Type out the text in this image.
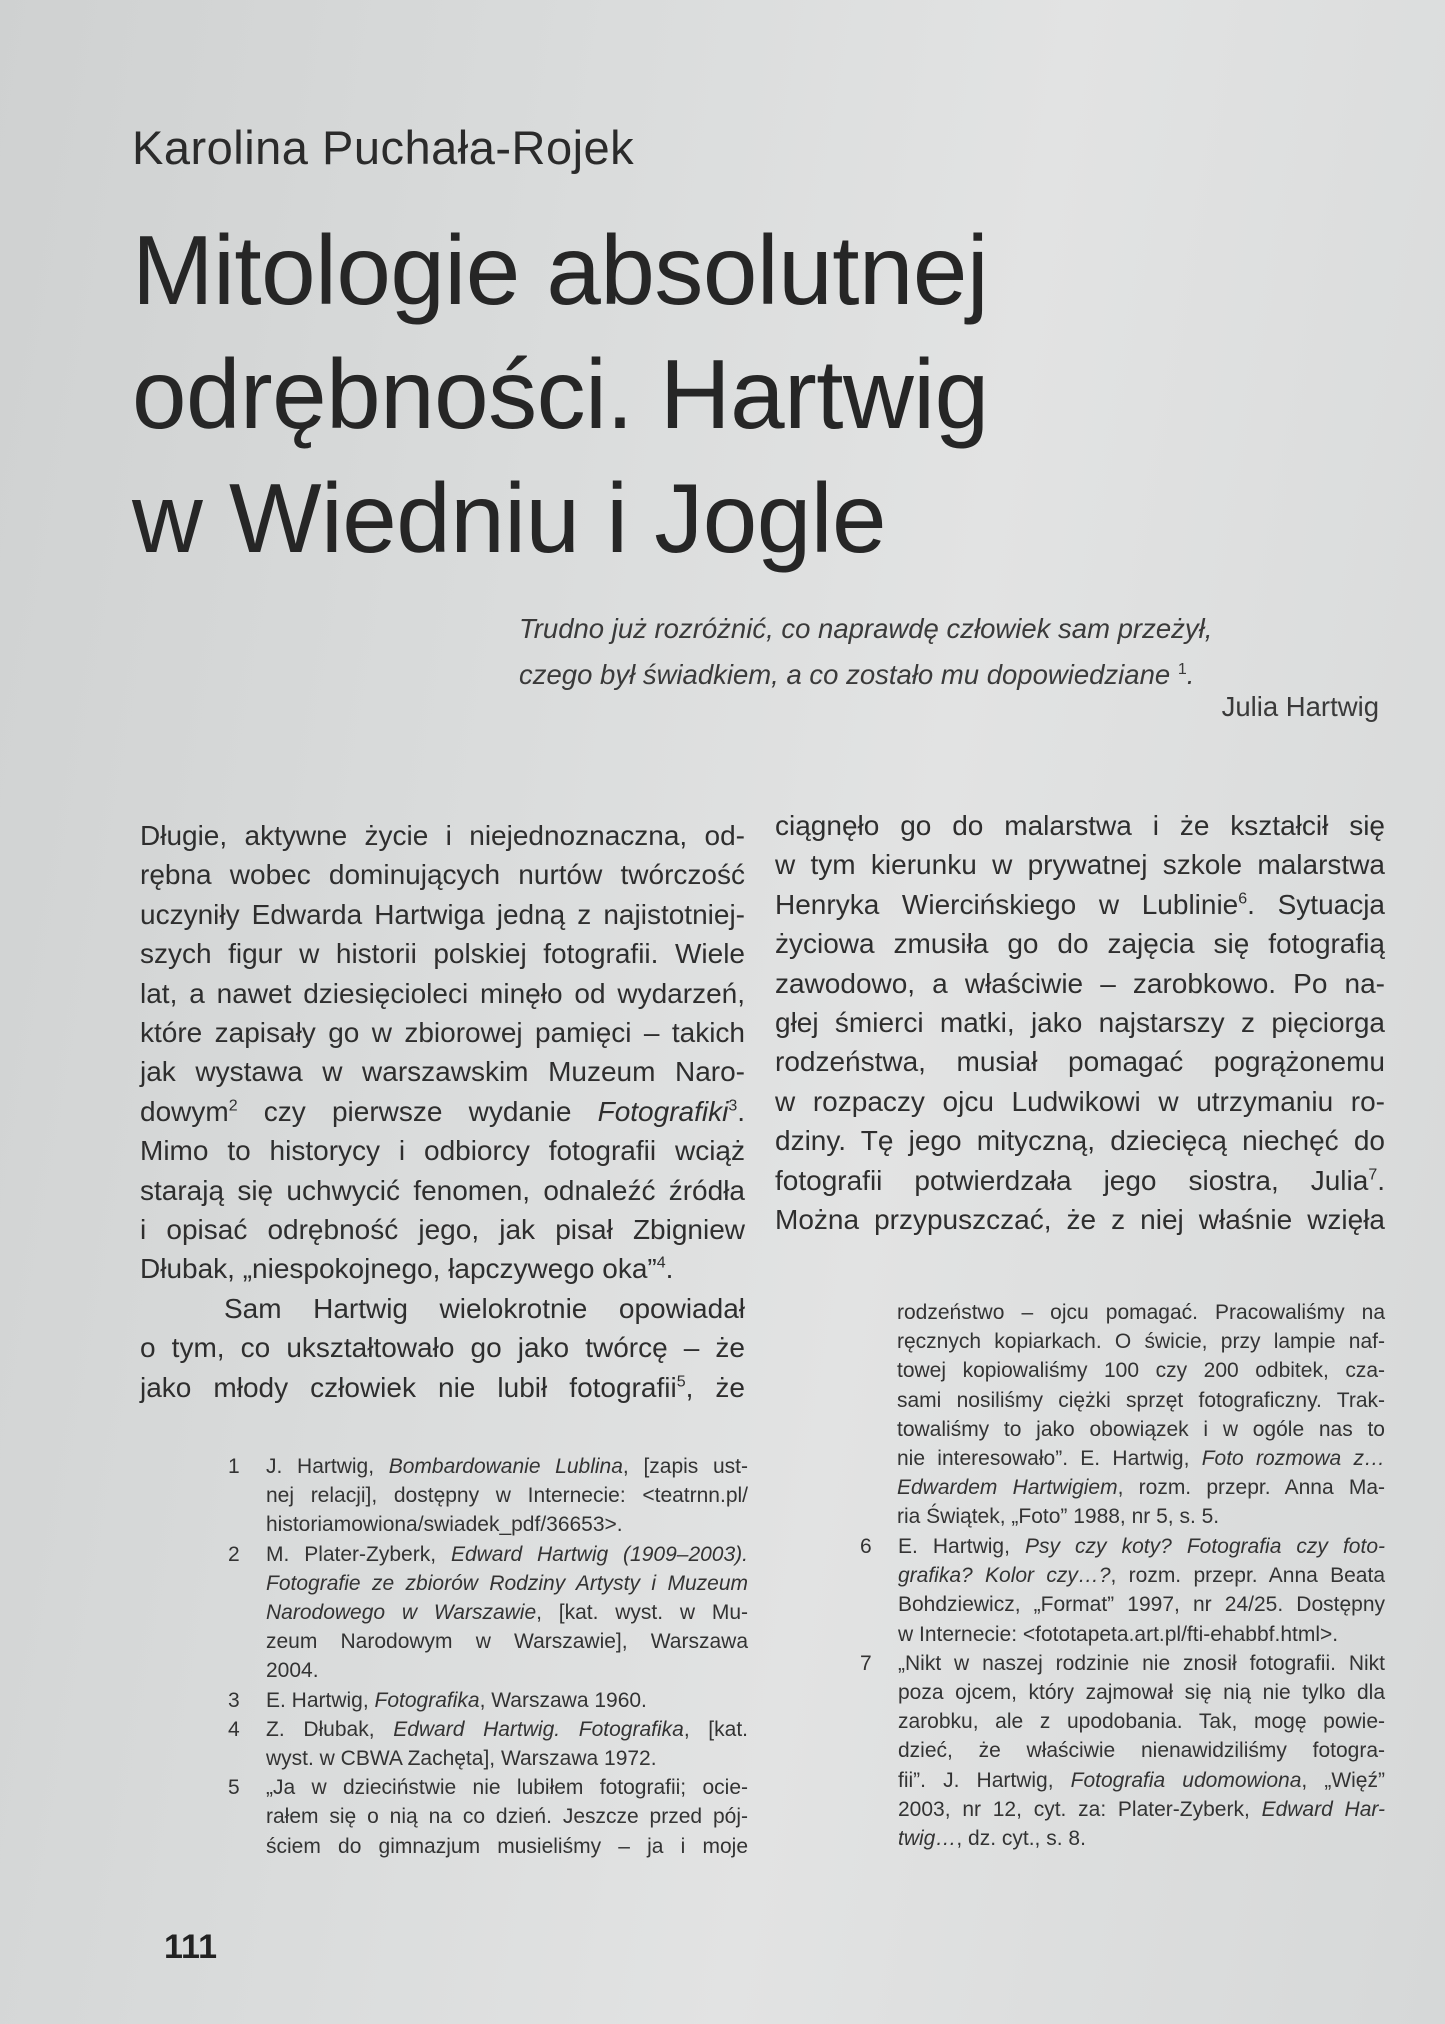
Karolina Puchała-Rojek
Mitologie absolutnej
odrębności. Hartwig
w Wiedniu i Jogle
Trudno już rozróżnić, co naprawdę człowiek sam przeżył,
czego był świadkiem, a co zostało mu dopowiedziane $^1$.
Julia Hartwig

Długie, aktywne życie i niejednoznaczna, od-
rębna wobec dominujących nurtów twórczość
uczyniły Edwarda Hartwiga jedną z najistotniej-
szych figur w historii polskiej fotografii. Wiele
lat, a nawet dziesięcioleci minęło od wydarzeń,
które zapisały go w zbiorowej pamięci – takich
jak wystawa w warszawskim Muzeum Naro-
dowym$^2$ czy pierwsze wydanie Fotografiki$^3$.
Mimo to historycy i odbiorcy fotografii wciąż
starają się uchwycić fenomen, odnaleźć źródła
i opisać odrębność jego, jak pisał Zbigniew
Dłubak, „niespokojnego, łapczywego oka”$^4$.

Sam Hartwig wielokrotnie opowiadał
o tym, co ukształtowało go jako twórcę – że
jako młody człowiek nie lubił fotografii$^5$, że

ciągnęło go do malarstwa i że kształcił się
w tym kierunku w prywatnej szkole malarstwa
Henryka Wiercińskiego w Lublinie$^6$. Sytuacja
życiowa zmusiła go do zajęcia się fotografią
zawodowo, a właściwie – zarobkowo. Po na-
głej śmierci matki, jako najstarszy z pięciorga
rodzeństwa, musiał pomagać pogrążonemu
w rozpaczy ojcu Ludwikowi w utrzymaniu ro-
dziny. Tę jego mityczną, dziecięcą niechęć do
fotografii potwierdzała jego siostra, Julia$^7$.
Można przypuszczać, że z niej właśnie wzięła

rodzeństwo – ojcu pomagać. Pracowaliśmy na
ręcznych kopiarkach. O świcie, przy lampie naf-
towej kopiowaliśmy 100 czy 200 odbitek, cza-
sami nosiliśmy ciężki sprzęt fotograficzny. Trak-
towaliśmy to jako obowiązek i w ogóle nas to
nie interesowało”. E. Hartwig, Foto rozmowa z…
Edwardem Hartwigiem, rozm. przepr. Anna Ma-
ria Świątek, „Foto” 1988, nr 5, s. 5.
1 J. Hartwig, Bombardowanie Lublina, [zapis ust-
nej relacji], dostępny w Internecie: <teatrnn.pl/
historiamowiona/swiadek_pdf/36653>.
2 M. Plater-Zyberk, Edward Hartwig (1909–2003).
Fotografie ze zbiorów Rodziny Artysty i Muzeum
Narodowego w Warszawie, [kat. wyst. w Mu-
zeum Narodowym w Warszawie], Warszawa
2004.
3 E. Hartwig, Fotografika, Warszawa 1960.
4 Z. Dłubak, Edward Hartwig. Fotografika, [kat.
wyst. w CBWA Zachęta], Warszawa 1972.
5 „Ja w dzieciństwie nie lubiłem fotografii; ocie-
rałem się o nią na co dzień. Jeszcze przed pój-
ściem do gimnazjum musieliśmy – ja i moje
6 E. Hartwig, Psy czy koty? Fotografia czy foto-
grafika? Kolor czy…?, rozm. przepr. Anna Beata
Bohdziewicz, „Format” 1997, nr 24/25. Dostępny
w Internecie: <fototapeta.art.pl/fti-ehabbf.html>.
7 „Nikt w naszej rodzinie nie znosił fotografii. Nikt
poza ojcem, który zajmował się nią nie tylko dla
zarobku, ale z upodobania. Tak, mogę powie-
dzieć, że właściwie nienawidziliśmy fotogra-
fii”. J. Hartwig, Fotografia udomowiona, „Więź”
2003, nr 12, cyt. za: Plater-Zyberk, Edward Har-
twig…, dz. cyt., s. 8.
111
